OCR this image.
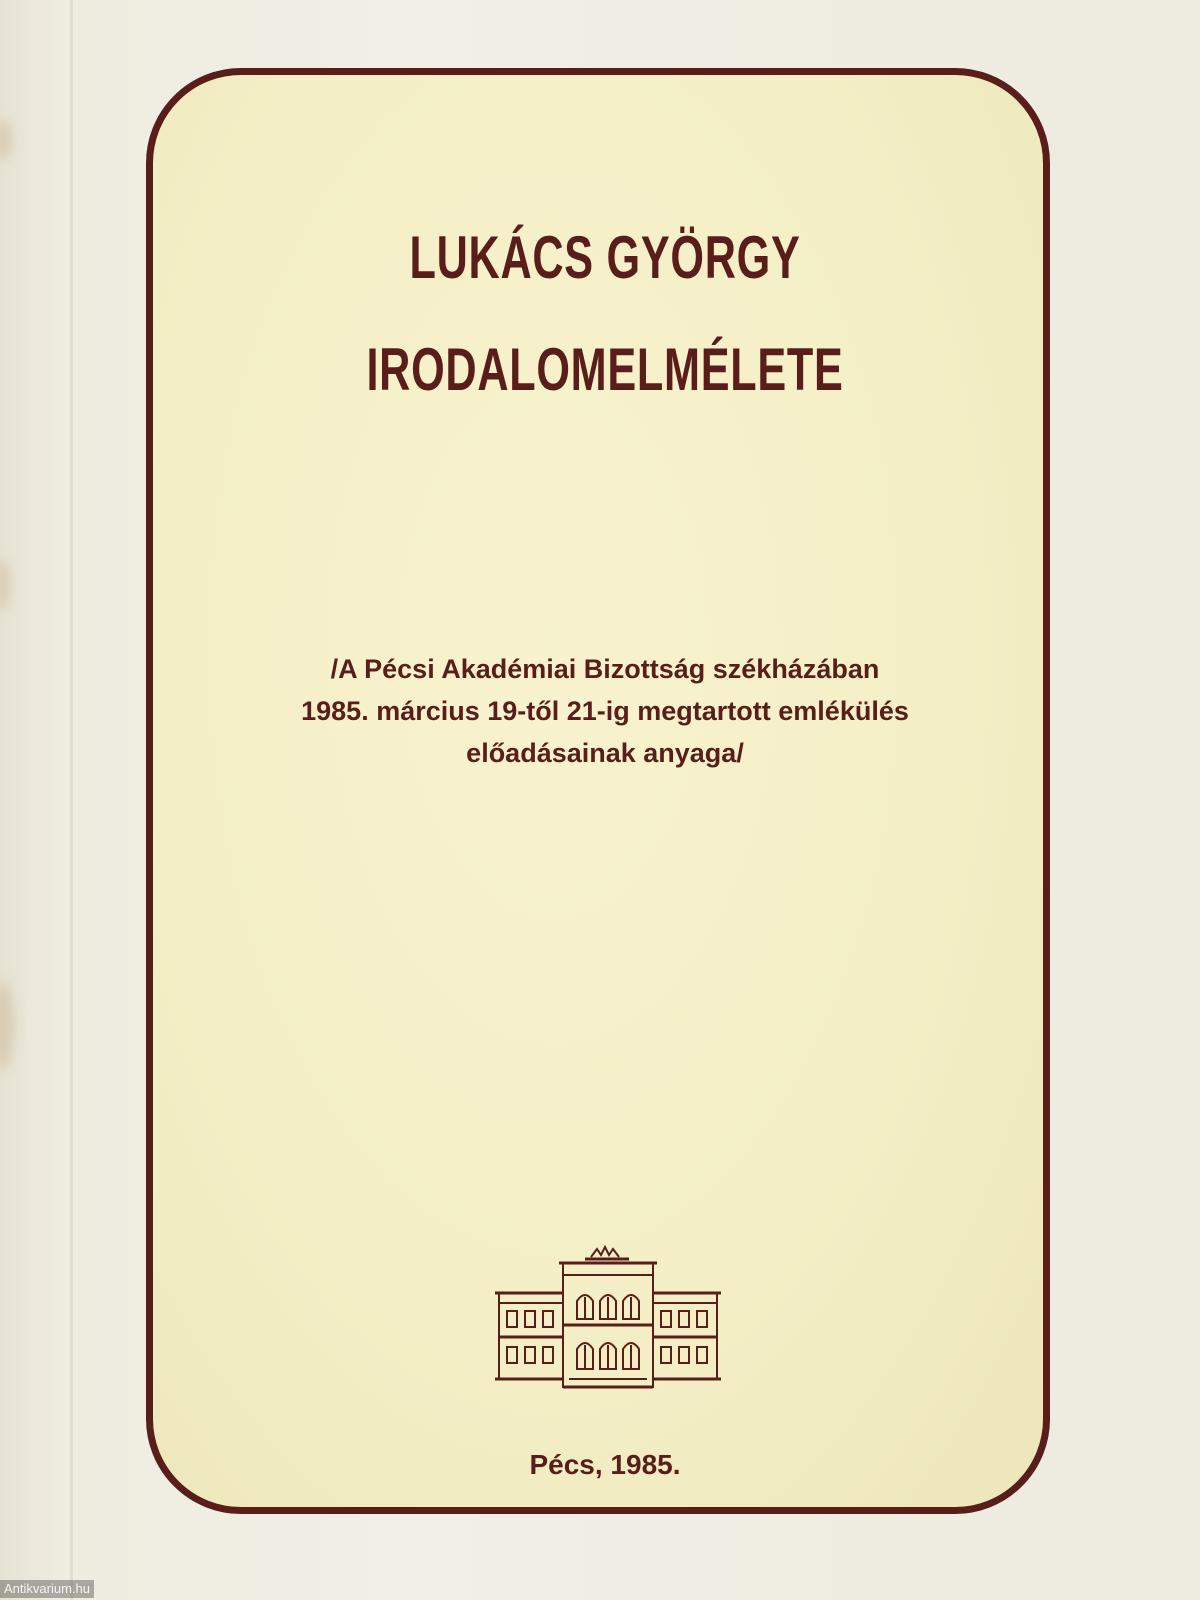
LUKÁCS GYÖRGY
IRODALOMELMÉLETE
/A Pécsi Akadémiai Bizottság székházában
1985. március 19-től 21-ig megtartott emlékülés
előadásainak anyaga/
Pécs, 1985.
Antikvarium.hu
